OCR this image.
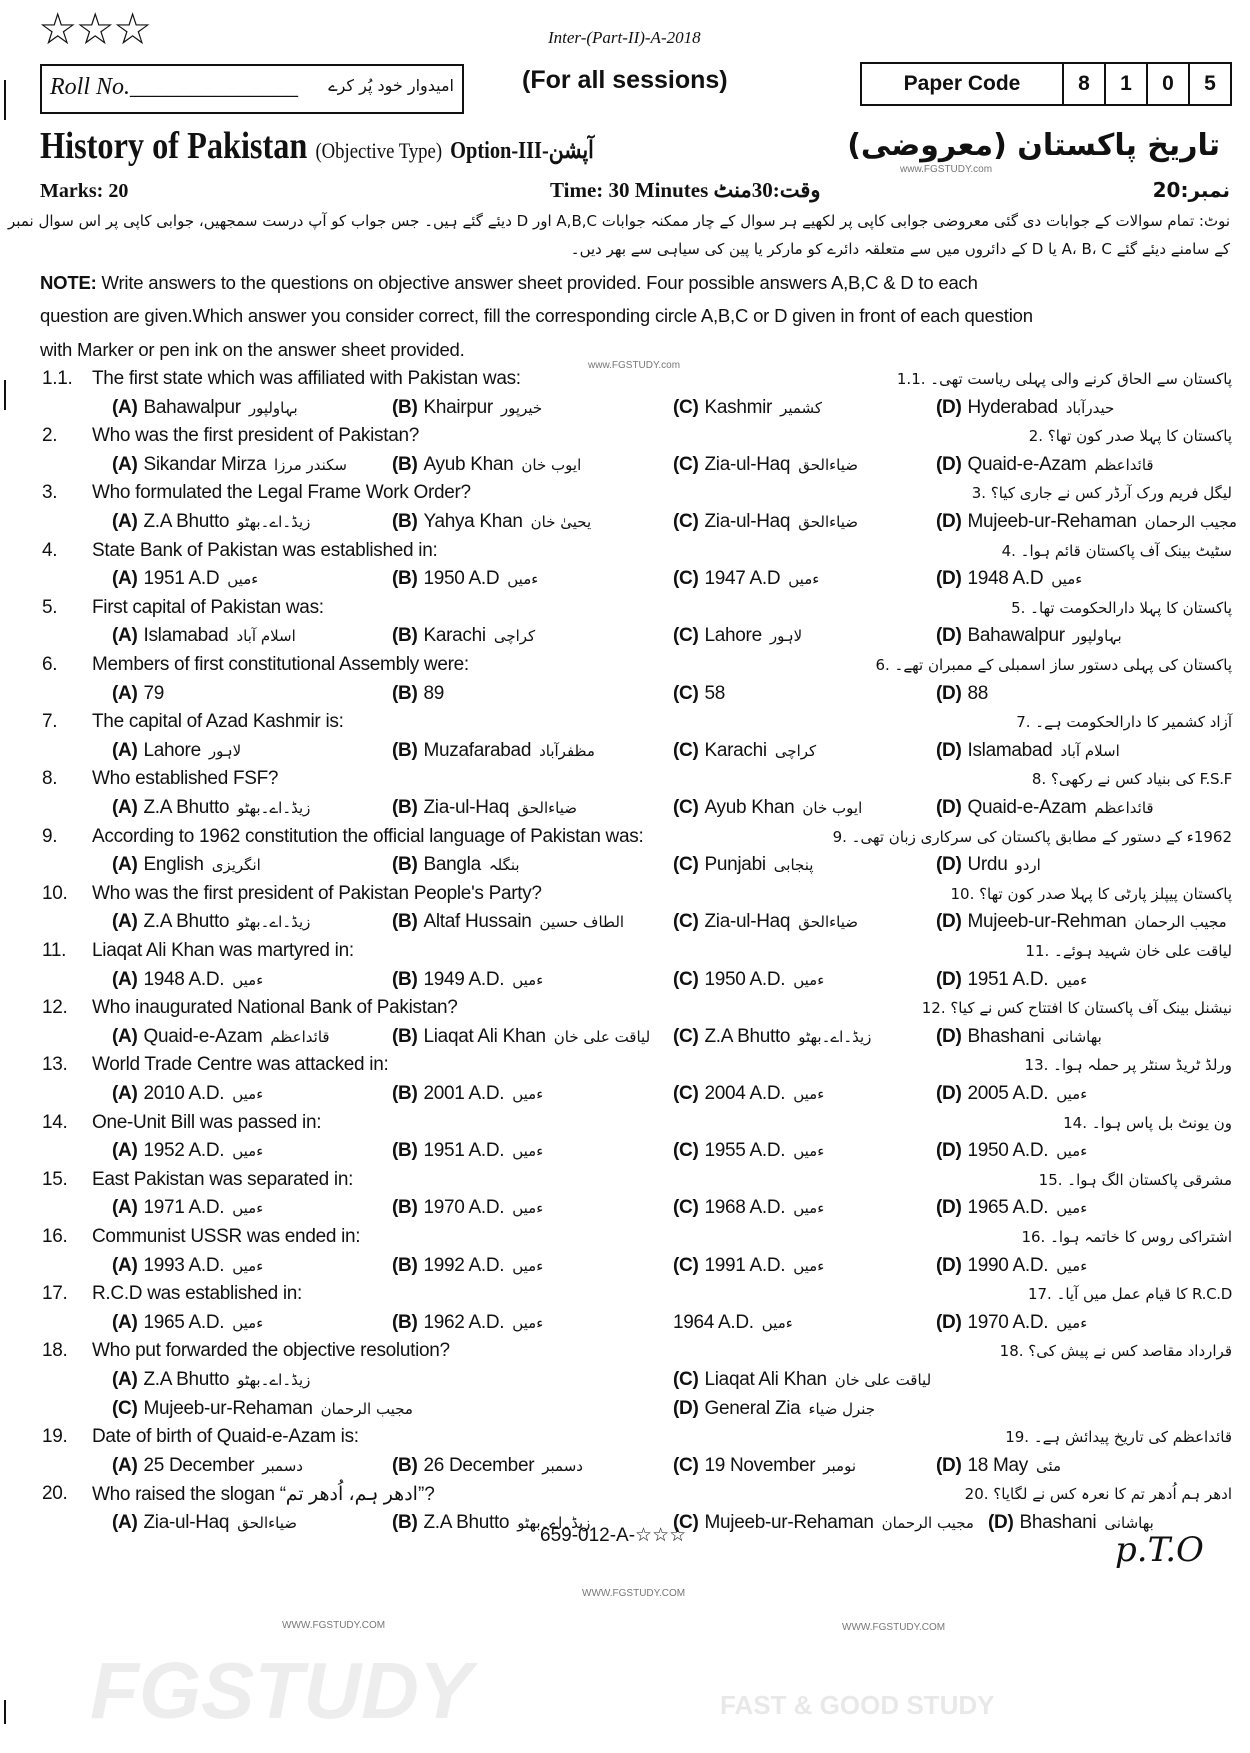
☆☆☆	Inter-(Part-II)-A-2018
Roll No.______________ امیدوار خود پُر کرے	(For all sessions)	Paper Code	8	1	0	5
History of Pakistan (Objective Type) Option-III-آپشن	تاریخ پاکستان (معروضی)
Marks: 20	Time: 30 Minutes وقت:30منٹ	نمبر:20
نوٹ: تمام سوالات کے جوابات دی گئی معروضی جوابی کاپی پر لکھیے ہر سوال کے چار ممکنہ جوابات A,B,C اور D دیئے گئے ہیں۔ جس جواب کو آپ درست سمجھیں، جوابی کاپی پر اس سوال نمبر
کے سامنے دیئے گئے A، B، C یا D کے دائروں میں سے متعلقہ دائرے کو مارکر یا پین کی سیاہی سے بھر دیں۔
NOTE: Write answers to the questions on objective answer sheet provided. Four possible answers A,B,C & D to each
question are given.Which answer you consider correct, fill the corresponding circle A,B,C or D given in front of each question
with Marker or pen ink on the answer sheet provided.
FGSTUDY	FAST & GOOD STUDY
www.FGSTUDY.com
www.FGSTUDY.com
WWW.FGSTUDY.COM
WWW.FGSTUDY.COM	WWW.FGSTUDY.COM
1.1. The first state which was affiliated with Pakistan was:	پاکستان سے الحاق کرنے والی پہلی ریاست تھی۔ .1.1
(A) Bahawalpur بہاولپور	(B) Khairpur خیرپور	(C) Kashmir کشمیر	(D) Hyderabad حیدرآباد
2. Who was the first president of Pakistan?	پاکستان کا پہلا صدر کون تھا؟ .2
(A) Sikandar Mirza سکندر مرزا (B) Ayub Khan ایوب خان	(C) Zia-ul-Haq ضیاءالحق	(D) Quaid-e-Azam قائداعظم
3. Who formulated the Legal Frame Work Order?	لیگل فریم ورک آرڈر کس نے جاری کیا؟ .3
(A) Z.A Bhutto زیڈ۔اے۔بھٹو	(B) Yahya Khan یحییٰ خان	(C) Zia-ul-Haq ضیاءالحق	(D) Mujeeb-ur-Rehaman مجیب الرحمان
4. State Bank of Pakistan was established in:	سٹیٹ بینک آف پاکستان قائم ہوا۔ .4
(A) 1951 A.D ءمیں	(B) 1950 A.D ءمیں	(C) 1947 A.D ءمیں	(D) 1948 A.D ءمیں
5. First capital of Pakistan was:	پاکستان کا پہلا دارالحکومت تھا۔ .5
(A) Islamabad اسلام آباد	(B) Karachi کراچی	(C) Lahore لاہور	(D) Bahawalpur بہاولپور
6. Members of first constitutional Assembly were:	پاکستان کی پہلی دستور ساز اسمبلی کے ممبران تھے۔ .6
(A) 79	(B) 89	(C) 58	(D) 88
7. The capital of Azad Kashmir is:	آزاد کشمیر کا دارالحکومت ہے۔ .7
(A) Lahore لاہور	(B) Muzafarabad مظفرآباد	(C) Karachi کراچی	(D) Islamabad اسلام آباد
8. Who established FSF?	F.S.F کی بنیاد کس نے رکھی؟ .8
(A) Z.A Bhutto زیڈ۔اے۔بھٹو	(B) Zia-ul-Haq ضیاءالحق	(C) Ayub Khan ایوب خان	(D) Quaid-e-Azam قائداعظم
9. According to 1962 constitution the official language of Pakistan was:	1962ء کے دستور کے مطابق پاکستان کی سرکاری زبان تھی۔ .9
(A) English انگریزی	(B) Bangla بنگلہ	(C) Punjabi پنجابی	(D) Urdu اردو
10. Who was the first president of Pakistan People's Party?	پاکستان پیپلز پارٹی کا پہلا صدر کون تھا؟ .10
(A) Z.A Bhutto زیڈ۔اے۔بھٹو	(B) Altaf Hussain الطاف حسین	(C) Zia-ul-Haq ضیاءالحق	(D) Mujeeb-ur-Rehman مجیب الرحمان
11. Liaqat Ali Khan was martyred in:	لیاقت علی خان شہید ہوئے۔ .11
(A) 1948 A.D. ءمیں	(B) 1949 A.D. ءمیں	(C) 1950 A.D. ءمیں	(D) 1951 A.D. ءمیں
12. Who inaugurated National Bank of Pakistan?	نیشنل بینک آف پاکستان کا افتتاح کس نے کیا؟ .12
(A) Quaid-e-Azam قائداعظم	(B) Liaqat Ali Khan لیاقت علی خان (C) Z.A Bhutto زیڈ۔اے۔بھٹو	(D) Bhashani بھاشانی
13. World Trade Centre was attacked in:	ورلڈ ٹریڈ سنٹر پر حملہ ہوا۔ .13
(A) 2010 A.D. ءمیں	(B) 2001 A.D. ءمیں	(C) 2004 A.D. ءمیں	(D) 2005 A.D. ءمیں
14. One-Unit Bill was passed in:	ون یونٹ بل پاس ہوا۔ .14
(A) 1952 A.D. ءمیں	(B) 1951 A.D. ءمیں	(C) 1955 A.D. ءمیں	(D) 1950 A.D. ءمیں
15. East Pakistan was separated in:	مشرقی پاکستان الگ ہوا۔ .15
(A) 1971 A.D. ءمیں	(B) 1970 A.D. ءمیں	(C) 1968 A.D. ءمیں	(D) 1965 A.D. ءمیں
16. Communist USSR was ended in:	اشتراکی روس کا خاتمہ ہوا۔ .16
(A) 1993 A.D. ءمیں	(B) 1992 A.D. ءمیں	(C) 1991 A.D. ءمیں	(D) 1990 A.D. ءمیں
17. R.C.D was established in:	R.C.D کا قیام عمل میں آیا۔ .17
(A) 1965 A.D. ءمیں	(B) 1962 A.D. ءمیں	1964 A.D. ءمیں	(D) 1970 A.D. ءمیں
18. Who put forwarded the objective resolution?	قرارداد مقاصد کس نے پیش کی؟ .18
(A) Z.A Bhutto زیڈ۔اے۔بھٹو	(C) Liaqat Ali Khan لیاقت علی خان
(C) Mujeeb-ur-Rehaman مجیب الرحمان	(D) General Zia جنرل ضیاء
19. Date of birth of Quaid-e-Azam is:	قائداعظم کی تاریخ پیدائش ہے۔ .19
(A) 25 December دسمبر	(B) 26 December دسمبر	(C) 19 November نومبر	(D) 18 May مئی
20. Who raised the slogan “ادھر ہم، اُدھر تم”?	ادھر ہم اُدھر تم کا نعرہ کس نے لگایا؟ .20
(A) Zia-ul-Haq ضیاءالحق	(B) Z.A Bhutto زیڈ۔اے۔بھٹو	(C) Mujeeb-ur-Rehaman مجیب الرحمان (D) Bhashani بھاشانی
659-012-A-☆☆☆	p.T.O
